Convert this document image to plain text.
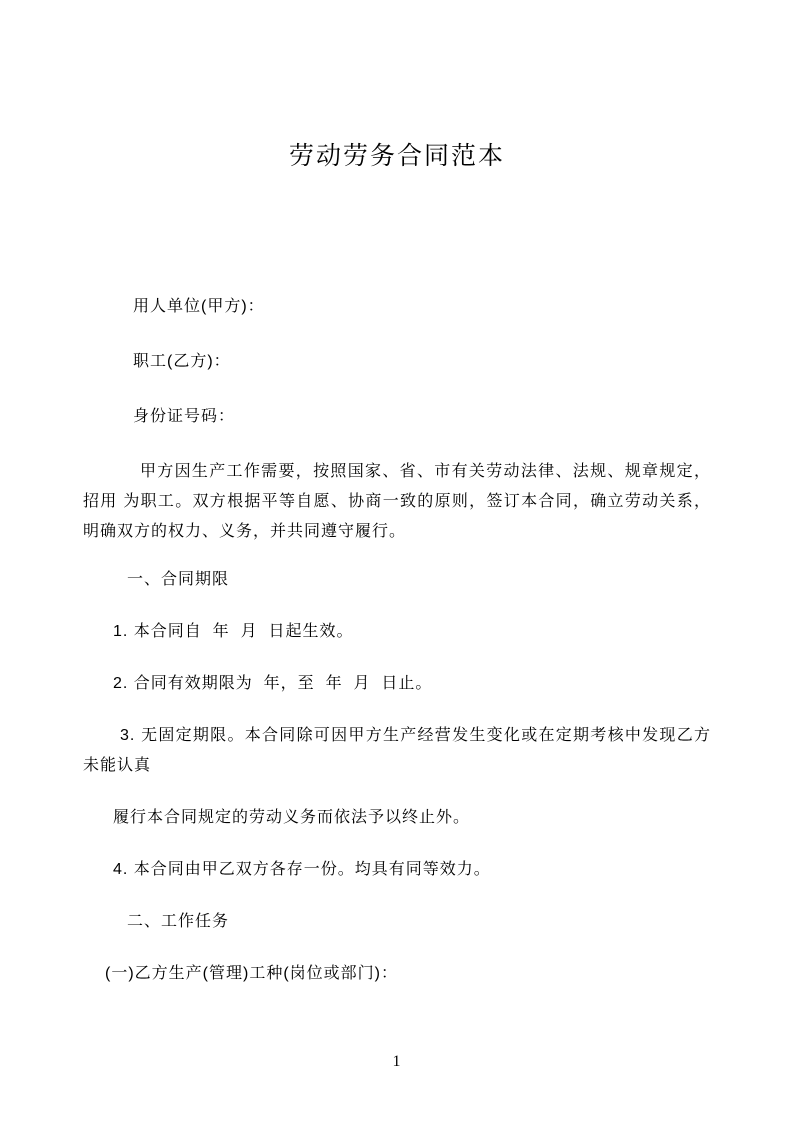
劳动劳务合同范本

用人单位(甲方)：

职工(乙方)：

身份证号码：

甲方因生产工作需要，按照国家、省、市有关劳动法律、法规、规章规定，招用 为职工。双方根据平等自愿、协商一致的原则，签订本合同，确立劳动关系，明确双方的权力、义务，并共同遵守履行。

一、合同期限

1. 本合同自  年  月  日起生效。

2. 合同有效期限为  年，至  年  月  日止。

3. 无固定期限。本合同除可因甲方生产经营发生变化或在定期考核中发现乙方未能认真

履行本合同规定的劳动义务而依法予以终止外。

4. 本合同由甲乙双方各存一份。均具有同等效力。

二、工作任务

(一)乙方生产(管理)工种(岗位或部门)：

1
